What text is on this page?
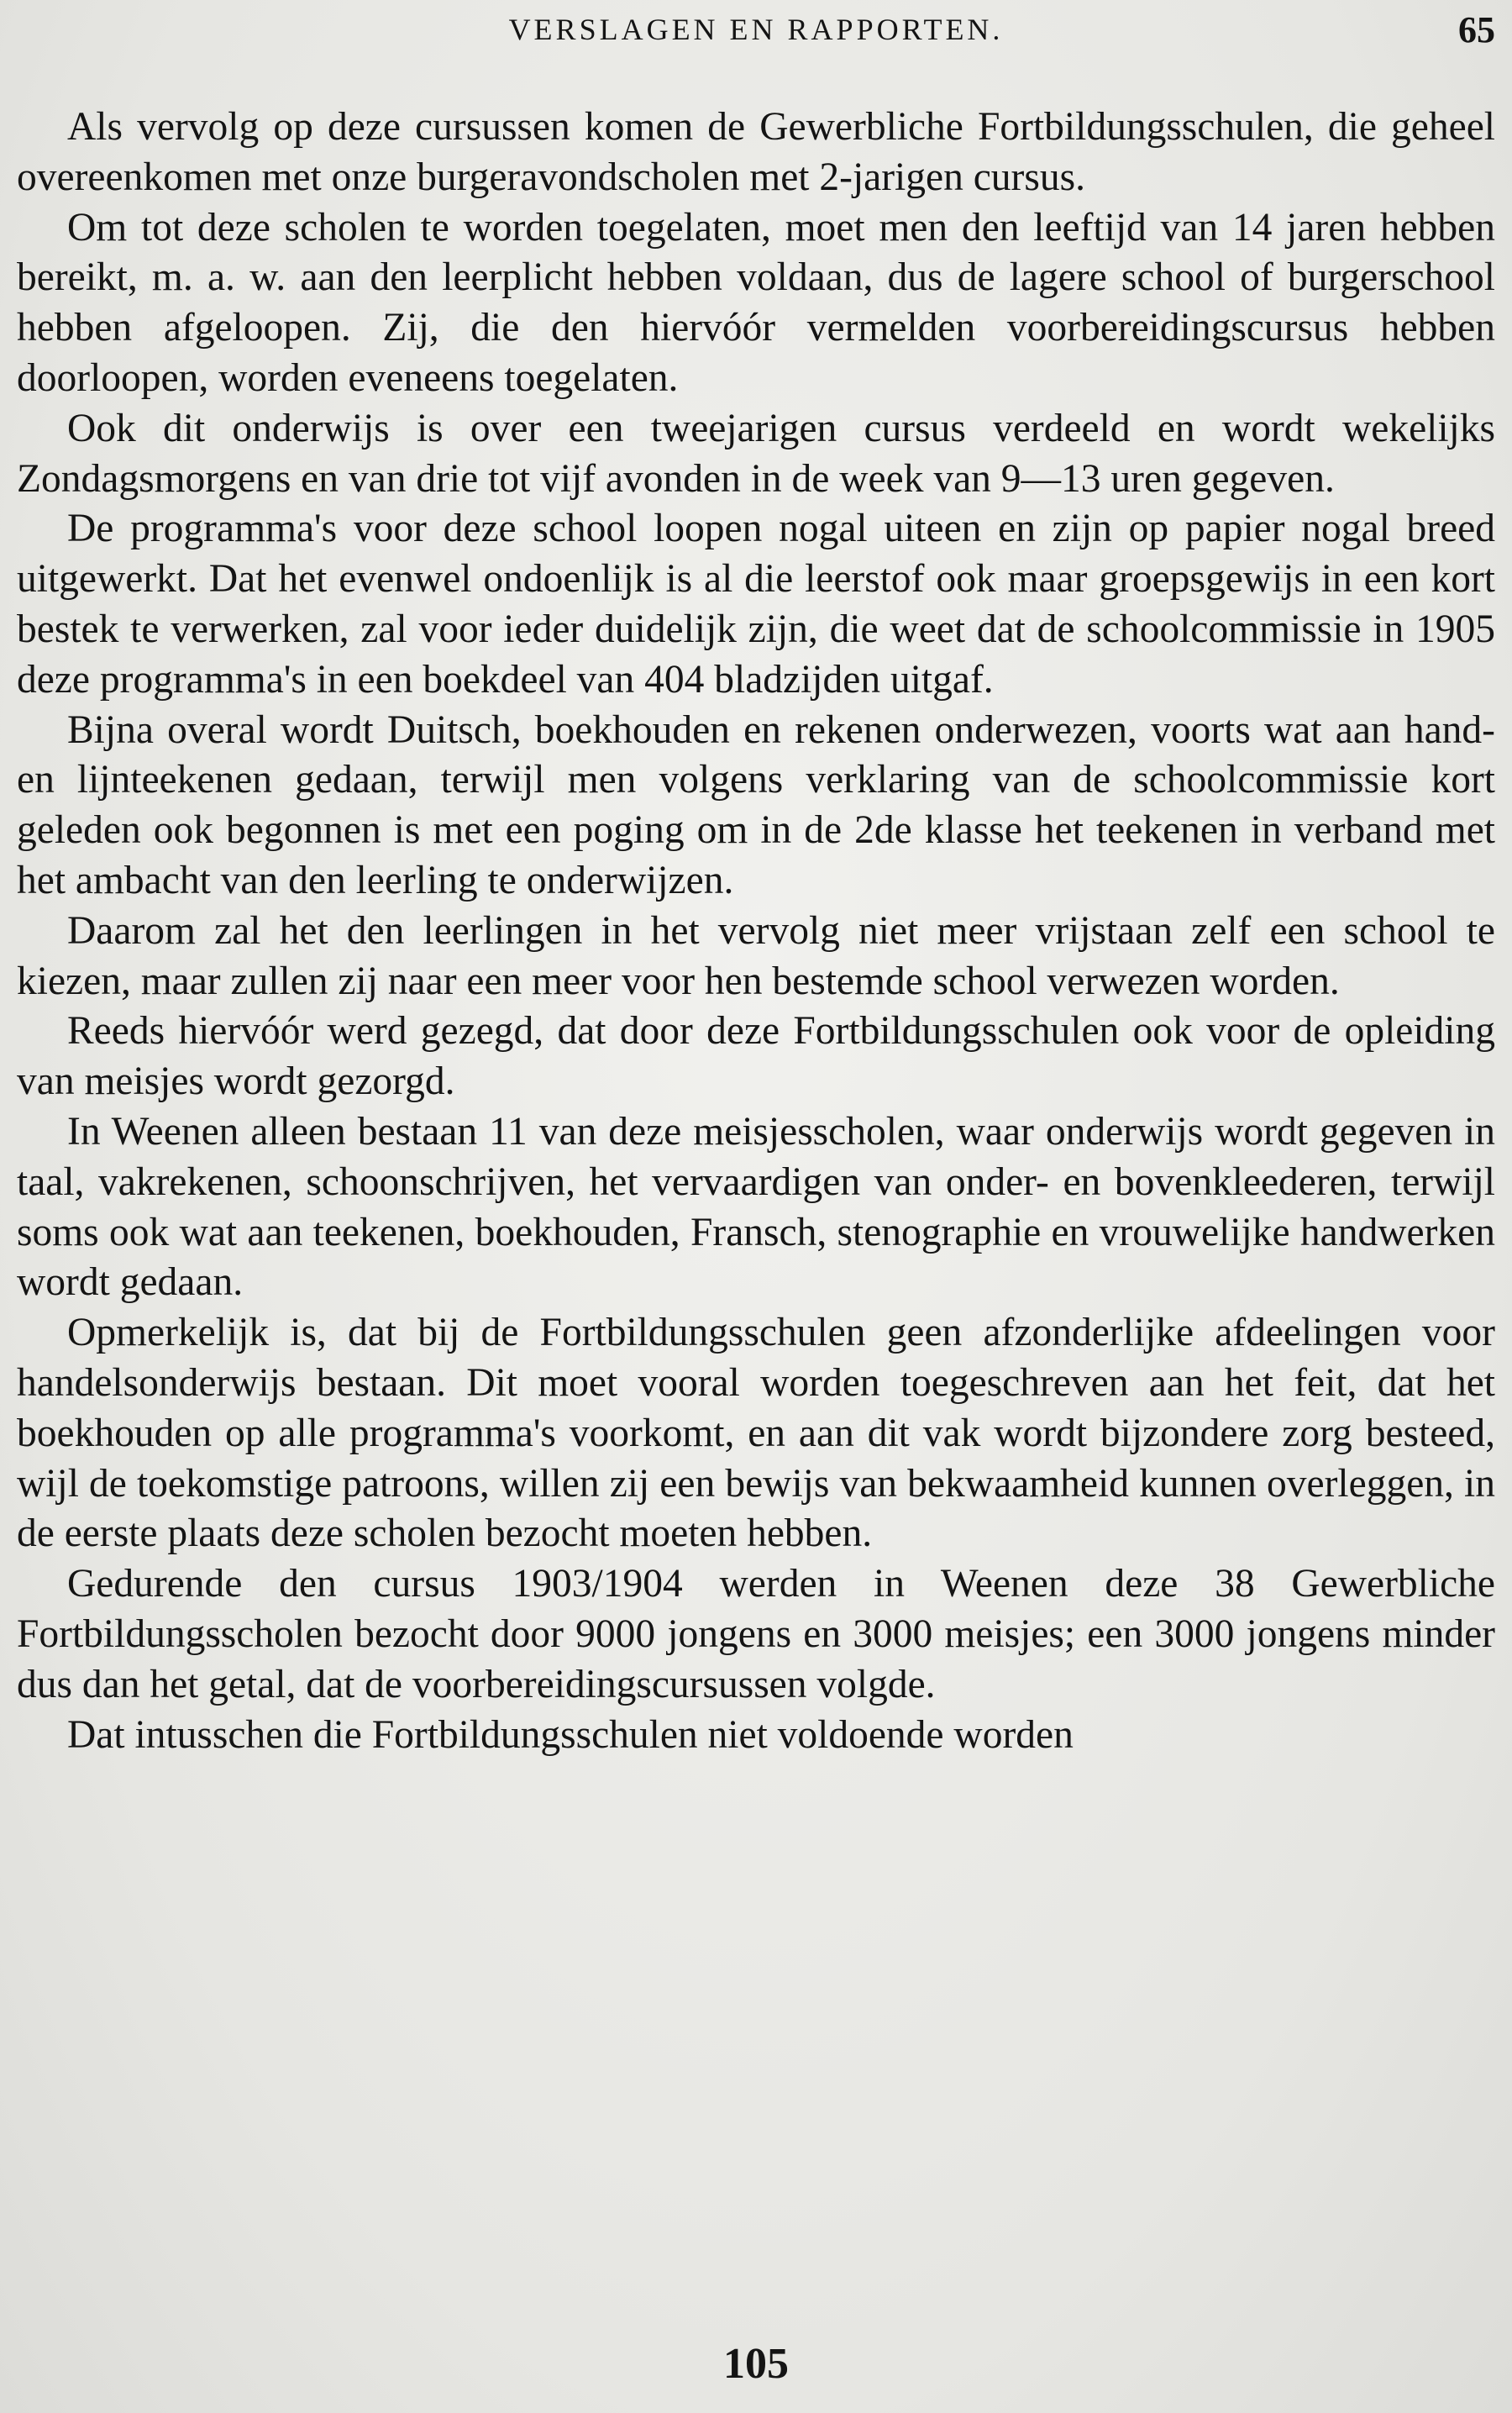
VERSLAGEN EN RAPPORTEN.	65

Als vervolg op deze cursussen komen de Gewerbliche Fortbildungsschulen, die geheel overeenkomen met onze burgeravondscholen met 2-jarigen cursus.

Om tot deze scholen te worden toegelaten, moet men den leeftijd van 14 jaren hebben bereikt, m. a. w. aan den leerplicht hebben voldaan, dus de lagere school of burgerschool hebben afgeloopen. Zij, die den hiervóór vermelden voorbereidingscursus hebben doorloopen, worden eveneens toegelaten.

Ook dit onderwijs is over een tweejarigen cursus verdeeld en wordt wekelijks Zondagsmorgens en van drie tot vijf avonden in de week van 9—13 uren gegeven.

De programma's voor deze school loopen nogal uiteen en zijn op papier nogal breed uitgewerkt. Dat het evenwel ondoenlijk is al die leerstof ook maar groepsgewijs in een kort bestek te verwerken, zal voor ieder duidelijk zijn, die weet dat de schoolcommissie in 1905 deze programma's in een boekdeel van 404 bladzijden uitgaf.

Bijna overal wordt Duitsch, boekhouden en rekenen onderwezen, voorts wat aan hand- en lijnteekenen gedaan, terwijl men volgens verklaring van de schoolcommissie kort geleden ook begonnen is met een poging om in de 2de klasse het teekenen in verband met het ambacht van den leerling te onderwijzen.

Daarom zal het den leerlingen in het vervolg niet meer vrijstaan zelf een school te kiezen, maar zullen zij naar een meer voor hen bestemde school verwezen worden.

Reeds hiervóór werd gezegd, dat door deze Fortbildungsschulen ook voor de opleiding van meisjes wordt gezorgd.

In Weenen alleen bestaan 11 van deze meisjesscholen, waar onderwijs wordt gegeven in taal, vakrekenen, schoonschrijven, het vervaardigen van onder- en bovenkleederen, terwijl soms ook wat aan teekenen, boekhouden, Fransch, stenographie en vrouwelijke handwerken wordt gedaan.

Opmerkelijk is, dat bij de Fortbildungsschulen geen afzonderlijke afdeelingen voor handelsonderwijs bestaan. Dit moet vooral worden toegeschreven aan het feit, dat het boekhouden op alle programma's voorkomt, en aan dit vak wordt bijzondere zorg besteed, wijl de toekomstige patroons, willen zij een bewijs van bekwaamheid kunnen overleggen, in de eerste plaats deze scholen bezocht moeten hebben.

Gedurende den cursus 1903/1904 werden in Weenen deze 38 Gewerbliche Fortbildungsscholen bezocht door 9000 jongens en 3000 meisjes; een 3000 jongens minder dus dan het getal, dat de voorbereidingscursussen volgde.

Dat intusschen die Fortbildungsschulen niet voldoende worden

105
